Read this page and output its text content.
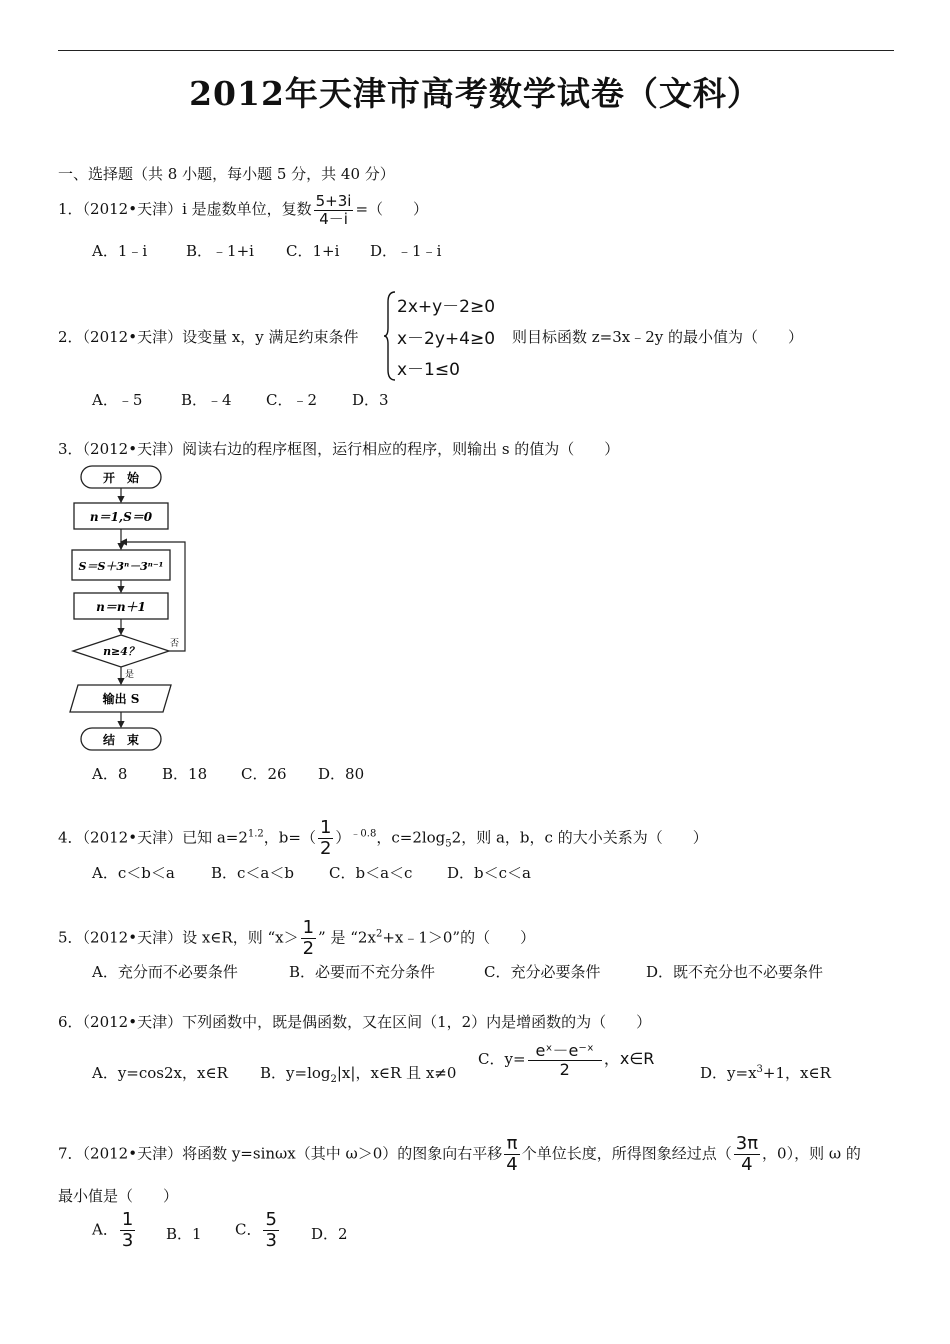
2012年天津市高考数学试卷（文科）
一、选择题（共 8 小题，每小题 5 分，共 40 分）
1．（2012•天津）i 是虚数单位，复数 $\frac{5+3i}{4-i}$ =（　　）
A．1﹣i	B．﹣1+i C．1+i D．﹣1﹣i
2．（2012•天津）设变量 x，y 满足约束条件
2x+y－2≥0
x－2y+4≥0
x－1≤0
则目标函数 z=3x﹣2y 的最小值为（　　）
A．﹣5	B．﹣4 C．﹣2 D．3
3．（2012•天津）阅读右边的程序框图，运行相应的程序，则输出 s 的值为（　　）
开　始
n＝1,S＝0
S＝S＋3ⁿ－3ⁿ⁻¹
n＝n＋1
n≥4？
否
是
输出 S
结　束
A．8 B．18 C．26 D．80
4．（2012•天津）已知 $a=2^{1.2}$，$b=( \frac{1}{2} )^{﹣0.8}$，$c=2\log_52$，则 a，b，c 的大小关系为（　　）
A．c＜b＜a B．c＜a＜b C．b＜a＜c D．b＜c＜a
5．（2012•天津）设 x∈R，则 “$x> \frac{1}{2}$ ” 是 “$2x^2+x﹣1>0$”的（　　）
A．充分而不必要条件	B．必要而不充分条件	C．充分必要条件	D．既不充分也不必要条件
6．（2012•天津）下列函数中，既是偶函数，又在区间（1，2）内是增函数的为（　　）
A．y=cos2x，x∈R B．$y=\log_2|x|$，x∈R 且 x≠0
C．$y= \frac{\text{eˣ－e⁻ˣ}}{2}$ ，x∈R
D．$y=x^3+1$，x∈R
7．（2012•天津）将函数 y=sinωx（其中 ω＞0）的图象向右平移 $\frac{\pi}{4}$ 个单位长度，所得图象经过点（ $\frac{3\pi}{4}$ ，0），则 ω 的
最小值是（　　）
A． $\frac{1}{3}$ B．1 C． $\frac{5}{3}$ D．2
